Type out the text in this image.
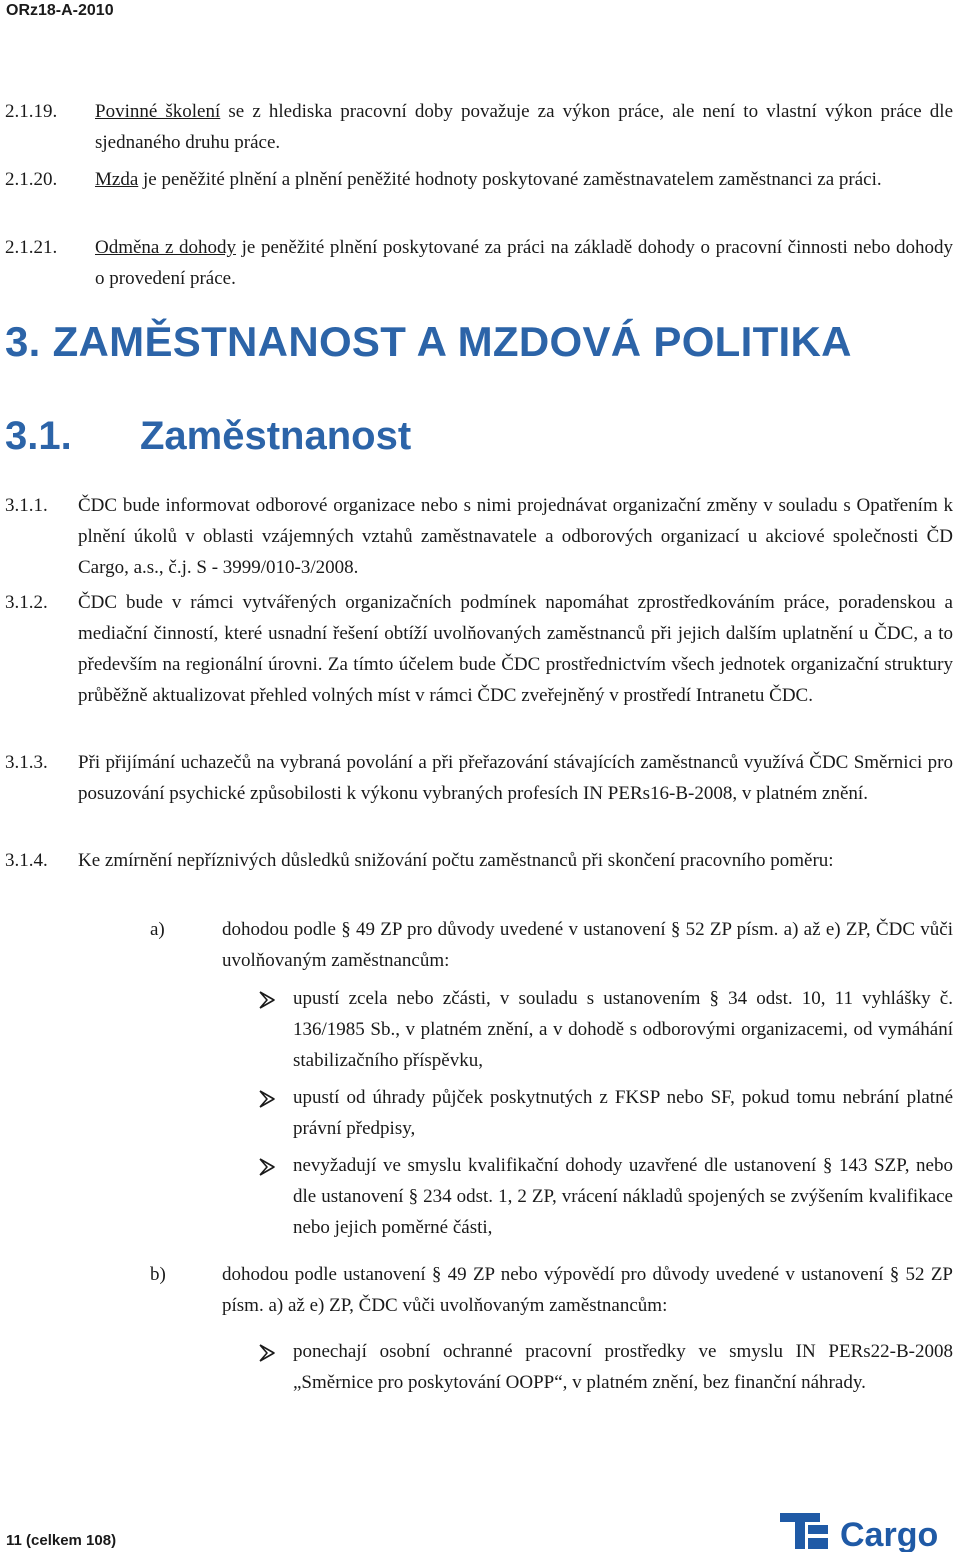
ORz18-A-2010
2.1.19. Povinné školení se z hlediska pracovní doby považuje za výkon práce, ale není to vlastní výkon práce dle sjednaného druhu práce.
2.1.20. Mzda je peněžité plnění a plnění peněžité hodnoty poskytované zaměstnavatelem zaměstnanci za práci.
2.1.21. Odměna z dohody je peněžité plnění poskytované za práci na základě dohody o pracovní činnosti nebo dohody o provedení práce.
3. ZAMĚSTNANOST A MZDOVÁ POLITIKA
3.1. Zaměstnanost
3.1.1. ČDC bude informovat odborové organizace nebo s nimi projednávat organizační změny v souladu s Opatřením k plnění úkolů v oblasti vzájemných vztahů zaměstnavatele a odborových organizací u akciové společnosti ČD Cargo, a.s., č.j. S - 3999/010-3/2008.
3.1.2. ČDC bude v rámci vytvářených organizačních podmínek napomáhat zprostředkováním práce, poradenskou a mediační činností, které usnadní řešení obtíží uvolňovaných zaměstnanců při jejich dalším uplatnění u ČDC, a to především na regionální úrovni. Za tímto účelem bude ČDC prostřednictvím všech jednotek organizační struktury průběžně aktualizovat přehled volných míst v rámci ČDC zveřejněný v prostředí Intranetu ČDC.
3.1.3. Při přijímání uchazečů na vybraná povolání a při přeřazování stávajících zaměstnanců využívá ČDC Směrnici pro posuzování psychické způsobilosti k výkonu vybraných profesích IN PERs16-B-2008, v platném znění.
3.1.4. Ke zmírnění nepříznivých důsledků snižování počtu zaměstnanců při skončení pracovního poměru:
a)	dohodou podle § 49 ZP pro důvody uvedené v ustanovení § 52 ZP písm. a) až e) ZP, ČDC vůči uvolňovaným zaměstnancům:
upustí zcela nebo zčásti, v souladu s ustanovením § 34 odst. 10, 11 vyhlášky č. 136/1985 Sb., v platném znění, a v dohodě s odborovými organizacemi, od vymáhání stabilizačního příspěvku,
upustí od úhrady půjček poskytnutých z FKSP nebo SF, pokud tomu nebrání platné právní předpisy,
nevyžadují ve smyslu kvalifikační dohody uzavřené dle ustanovení § 143 SZP, nebo dle ustanovení § 234 odst. 1, 2 ZP, vrácení nákladů spojených se zvýšením kvalifikace nebo jejich poměrné části,
b)	dohodou podle ustanovení § 49 ZP nebo výpovědí pro důvody uvedené v ustanovení § 52 ZP písm. a) až e) ZP, ČDC vůči uvolňovaným zaměstnancům:
ponechají osobní ochranné pracovní prostředky ve smyslu IN PERs22-B-2008 „Směrnice pro poskytování OOPP“, v platném znění, bez finanční náhrady.
11 (celkem 108)	Cargo
